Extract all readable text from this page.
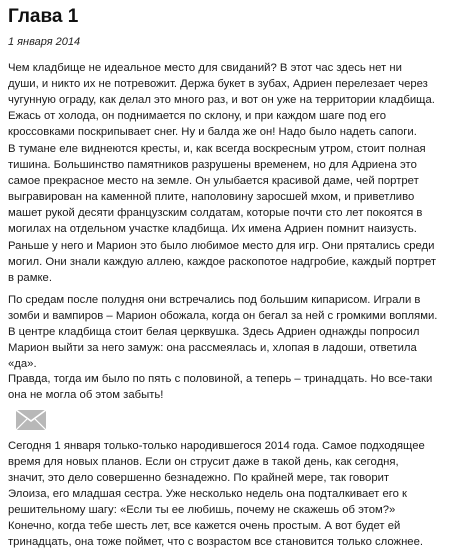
Глава 1

1 января 2014

Чем кладбище не идеальное место для свиданий? В этот час здесь нет ни
души, и никто их не потревожит. Держа букет в зубах, Адриен перелезает через
чугунную ограду, как делал это много раз, и вот он уже на территории кладбища.
Ежась от холода, он поднимается по склону, и при каждом шаге под его
кроссовками поскрипывает снег. Ну и балда же он! Надо было надеть сапоги.

В тумане еле виднеются кресты, и, как всегда воскресным утром, стоит полная
тишина. Большинство памятников разрушены временем, но для Адриена это
самое прекрасное место на земле. Он улыбается красивой даме, чей портрет
выгравирован на каменной плите, наполовину заросшей мхом, и приветливо
машет рукой десяти французским солдатам, которые почти сто лет покоятся в
могилах на отдельном участке кладбища. Их имена Адриен помнит наизусть.

Раньше у него и Марион это было любимое место для игр. Они прятались среди
могил. Они знали каждую аллею, каждое раскопотое надгробие, каждый портрет
в рамке.

По средам после полудня они встречались под большим кипарисом. Играли в
зомби и вампиров – Марион обожала, когда он бегал за ней с громкими воплями.
В центре кладбища стоит белая церквушка. Здесь Адриен однажды попросил
Марион выйти за него замуж: она рассмеялась и, хлопая в ладоши, ответила
«да».

Правда, тогда им было по пять с половиной, а теперь – тринадцать. Но все-таки
она не могла об этом забыть!

Сегодня 1 января только-только народившегося 2014 года. Самое подходящее
время для новых планов. Если он струсит даже в такой день, как сегодня,
значит, это дело совершенно безнадежно. По крайней мере, так говорит
Элоиза, его младшая сестра. Уже несколько недель она подталкивает его к
решительному шагу: «Если ты ее любишь, почему не скажешь об этом?»
Конечно, когда тебе шесть лет, все кажется очень простым. А вот будет ей
тринадцать, она тоже поймет, что с возрастом все становится только сложнее.
